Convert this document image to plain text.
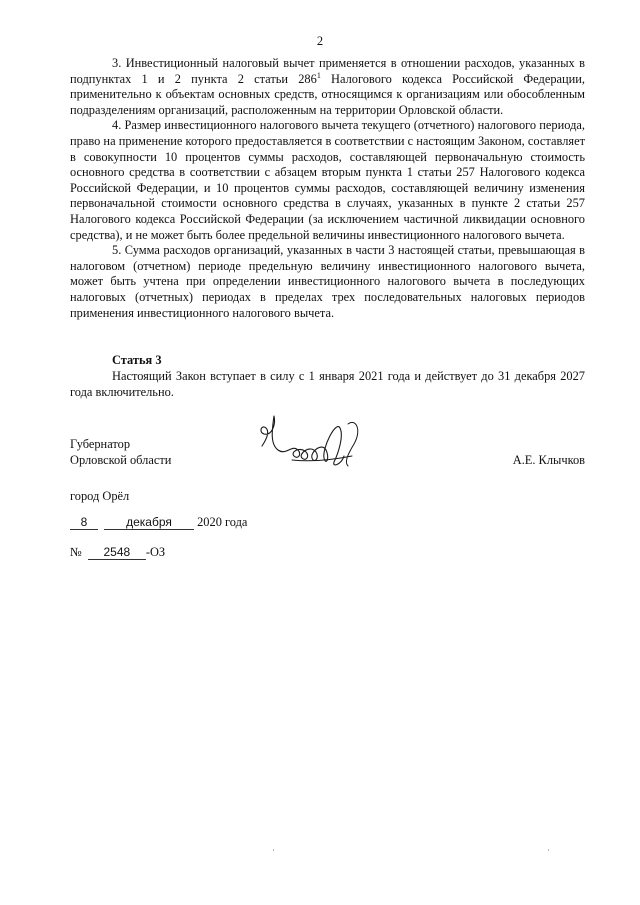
2

3. Инвестиционный налоговый вычет применяется в отношении расходов, указанных в подпунктах 1 и 2 пункта 2 статьи $286^1$ Налогового кодекса Российской Федерации, применительно к объектам основных средств, относящимся к организациям или обособленным подразделениям организаций, расположенным на территории Орловской области.

4. Размер инвестиционного налогового вычета текущего (отчетного) налогового периода, право на применение которого предоставляется в соответствии с настоящим Законом, составляет в совокупности 10 процентов суммы расходов, составляющей первоначальную стоимость основного средства в соответствии с абзацем вторым пункта 1 статьи 257 Налогового кодекса Российской Федерации, и 10 процентов суммы расходов, составляющей величину изменения первоначальной стоимости основного средства в случаях, указанных в пункте 2 статьи 257 Налогового кодекса Российской Федерации (за исключением частичной ликвидации основного средства), и не может быть более предельной величины инвестиционного налогового вычета.

5. Сумма расходов организаций, указанных в части 3 настоящей статьи, превышающая в налоговом (отчетном) периоде предельную величину инвестиционного налогового вычета, может быть учтена при определении инвестиционного налогового вычета в последующих налоговых (отчетных) периодах в пределах трех последовательных налоговых периодов применения инвестиционного налогового вычета.

Статья 3

Настоящий Закон вступает в силу с 1 января 2021 года и действует до 31 декабря 2027 года включительно.

Губернатор
Орловской области	А.Е. Клычков
город Орёл
8	декабря 2020 года
№ 2548 -ОЗ
